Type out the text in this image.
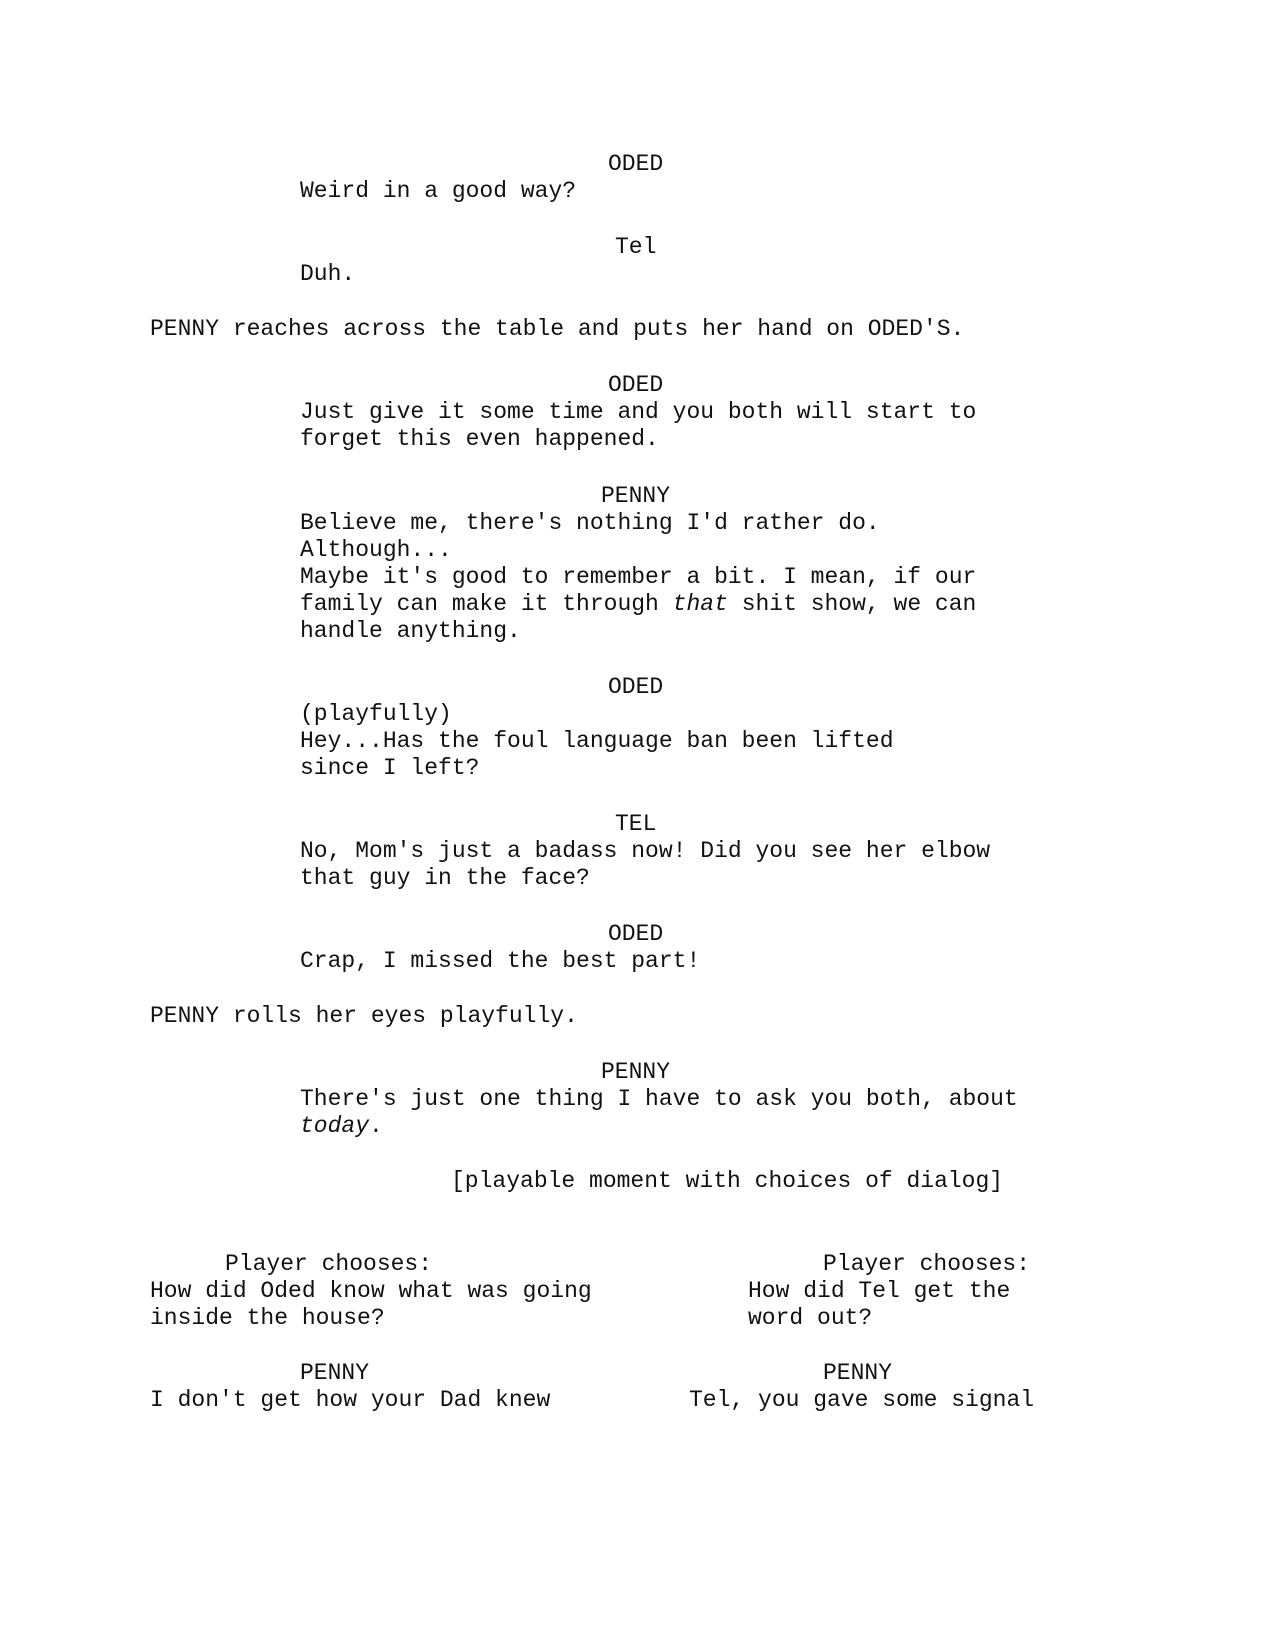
ODED
Weird in a good way?
Tel
Duh.
PENNY reaches across the table and puts her hand on ODED'S.
ODED
Just give it some time and you both will start to
forget this even happened.
PENNY
Believe me, there's nothing I'd rather do.
Although...
Maybe it's good to remember a bit. I mean, if our
family can make it through that shit show, we can
handle anything.
ODED
(playfully)
Hey...Has the foul language ban been lifted
since I left?
TEL
No, Mom's just a badass now! Did you see her elbow
that guy in the face?
ODED
Crap, I missed the best part!
PENNY rolls her eyes playfully.
PENNY
There's just one thing I have to ask you both, about
today.
[playable moment with choices of dialog]
Player chooses:
How did Oded know what was going
inside the house?
PENNY
I don't get how your Dad knew
Player chooses:
How did Tel get the
word out?
PENNY
Tel, you gave some signal
